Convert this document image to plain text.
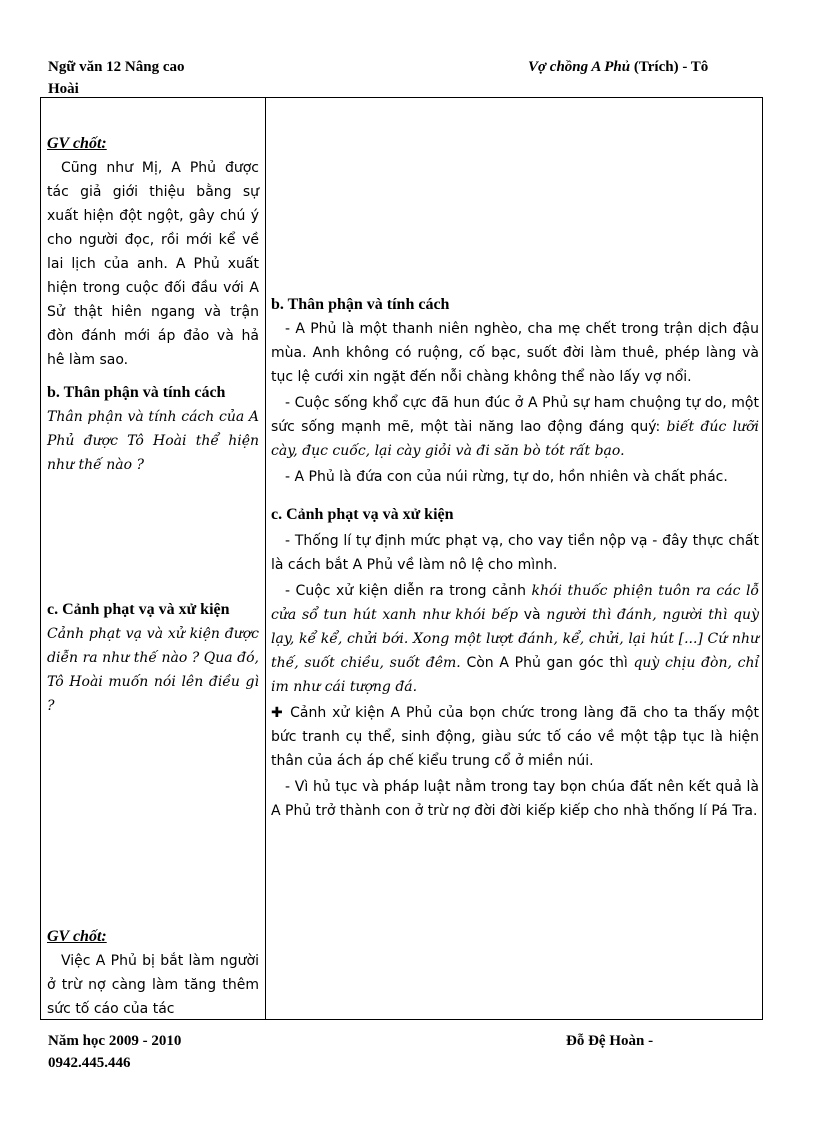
Ngữ văn 12 Nâng cao
Hoài
Vợ chồng A Phủ (Trích) - Tô

GV chốt:

Cũng như Mị, A Phủ được tác giả giới thiệu bằng sự xuất hiện đột ngột, gây chú ý cho người đọc, rồi mới kể về lai lịch của anh. A Phủ xuất hiện trong cuộc đối đầu với A Sử thật hiên ngang và trận đòn đánh mới áp đảo và hả hê làm sao.

b. Thân phận và tính cách

Thân phận và tính cách của A Phủ được Tô Hoài thể hiện như thế nào ?

c. Cảnh phạt vạ và xử kiện

Cảnh phạt vạ và xử kiện được diễn ra như thế nào ? Qua đó, Tô Hoài muốn nói lên điều gì ?

GV chốt:

Việc A Phủ bị bắt làm người ở trừ nợ càng làm tăng thêm sức tố cáo của tác

b. Thân phận và tính cách

- A Phủ là một thanh niên nghèo, cha mẹ chết trong trận dịch đậu mùa. Anh không có ruộng, cố bạc, suốt đời làm thuê, phép làng và tục lệ cưới xin ngặt đến nỗi chàng không thể nào lấy vợ nổi.

- Cuộc sống khổ cực đã hun đúc ở A Phủ sự ham chuộng tự do, một sức sống mạnh mẽ, một tài năng lao động đáng quý: biết đúc lưỡi cày, đục cuốc, lại cày giỏi và đi săn bò tót rất bạo.

- A Phủ là đứa con của núi rừng, tự do, hồn nhiên và chất phác.

c. Cảnh phạt vạ và xử kiện

- Thống lí tự định mức phạt vạ, cho vay tiền nộp vạ - đây thực chất là cách bắt A Phủ về làm nô lệ cho mình.

- Cuộc xử kiện diễn ra trong cảnh khói thuốc phiện tuôn ra các lỗ cửa sổ tun hút xanh như khói bếp và người thì đánh, người thì quỳ lạy, kể kể, chửi bới. Xong một lượt đánh, kể, chửi, lại hút [...] Cứ như thế, suốt chiều, suốt đêm. Còn A Phủ gan góc thì quỳ chịu đòn, chỉ im như cái tượng đá.

✚ Cảnh xử kiện A Phủ của bọn chức trong làng đã cho ta thấy một bức tranh cụ thể, sinh động, giàu sức tố cáo về một tập tục là hiện thân của ách áp chế kiểu trung cổ ở miền núi.

- Vì hủ tục và pháp luật nằm trong tay bọn chúa đất nên kết quả là A Phủ trở thành con ở trừ nợ đời đời kiếp kiếp cho nhà thống lí Pá Tra.

Năm học 2009 - 2010
0942.445.446
Đỗ Đệ Hoàn -
